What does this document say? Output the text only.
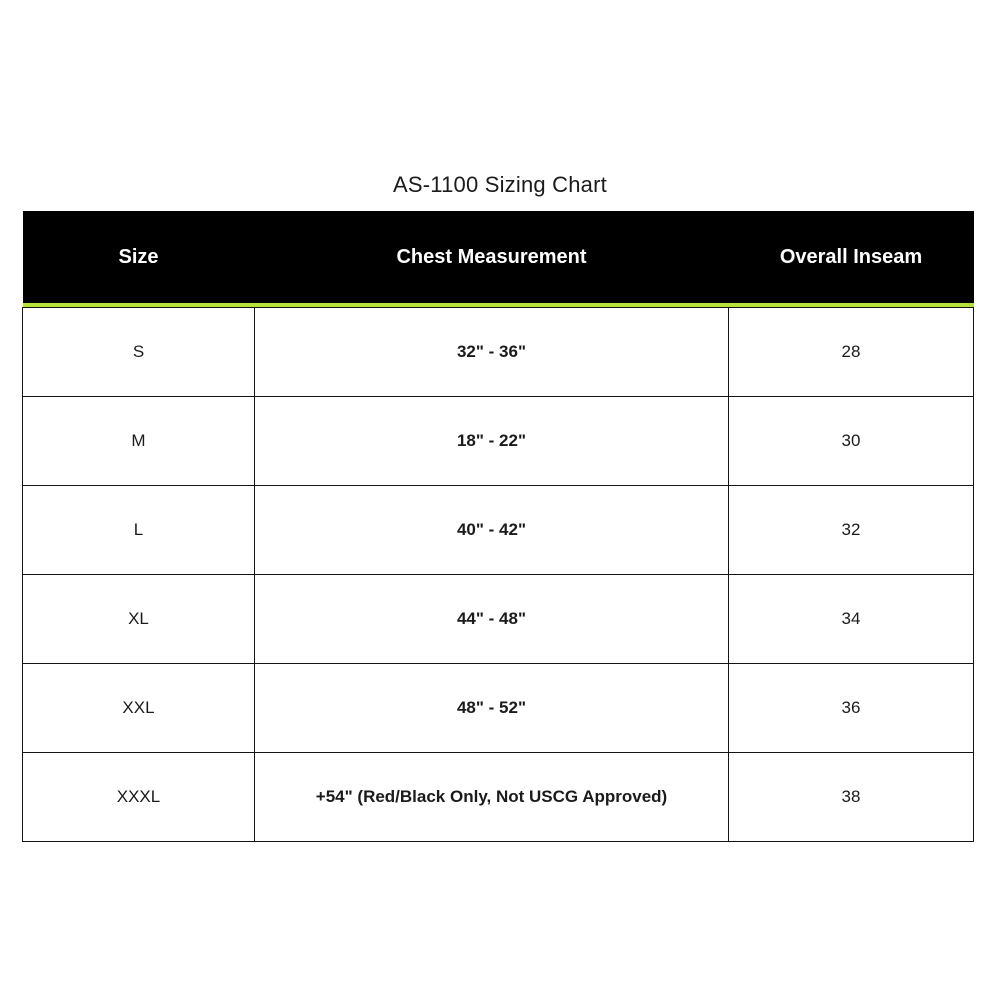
AS-1100 Sizing Chart
Size	Chest Measurement	Overall Inseam

S	32" - 36"	28
M	18" - 22"	30
L	40" - 42"	32
XL	44" - 48"	34
XXL	48" - 52"	36
XXXL	+54" (Red/Black Only, Not USCG Approved)	38
